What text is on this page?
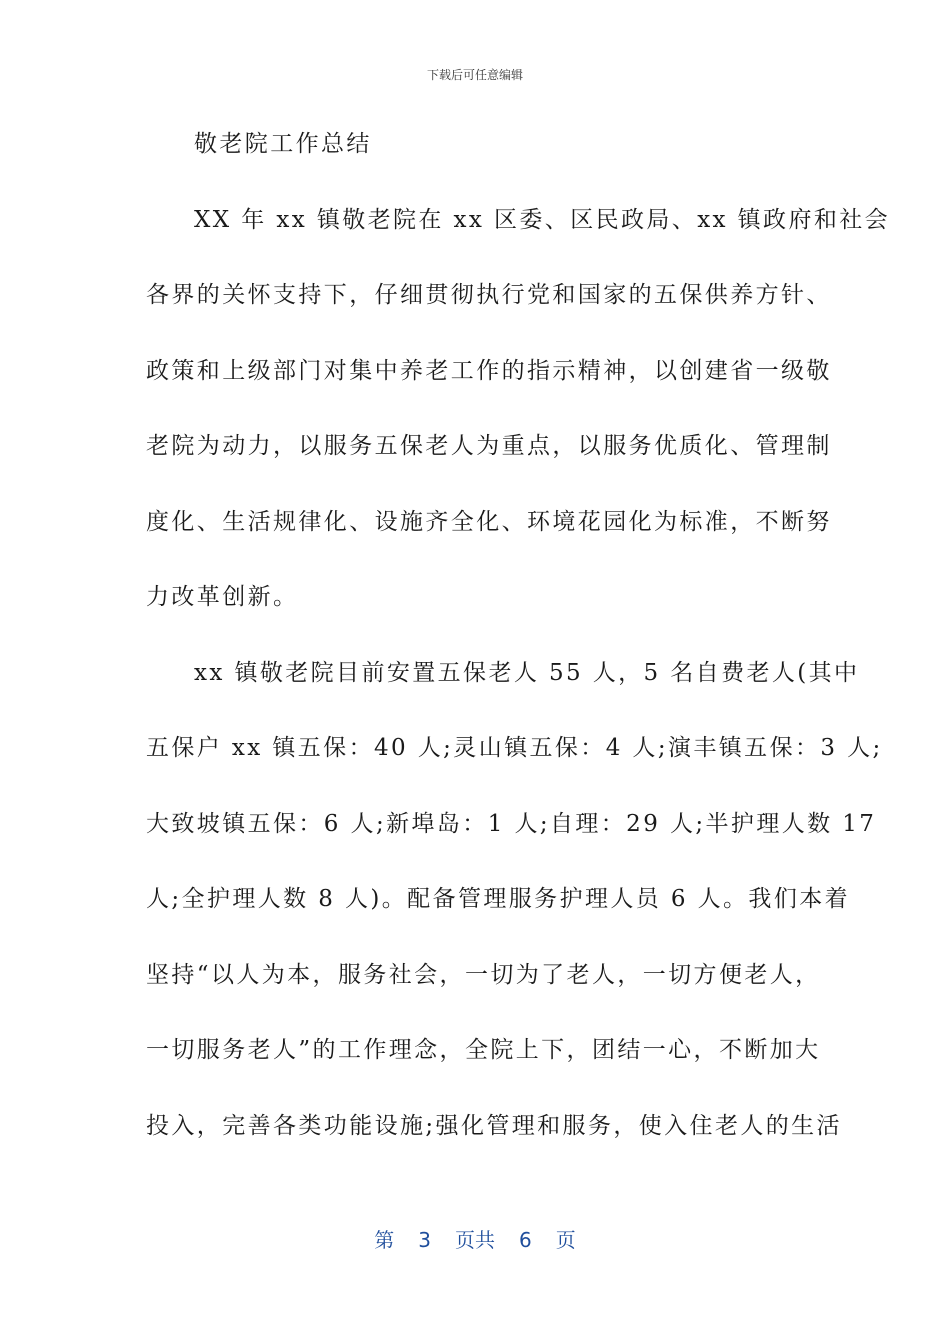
下载后可任意编辑
敬老院工作总结
XX 年 xx 镇敬老院在 xx 区委、区民政局、xx 镇政府和社会
各界的关怀支持下，仔细贯彻执行党和国家的五保供养方针、
政策和上级部门对集中养老工作的指示精神，以创建省一级敬
老院为动力，以服务五保老人为重点，以服务优质化、管理制
度化、生活规律化、设施齐全化、环境花园化为标准，不断努
力改革创新。
xx 镇敬老院目前安置五保老人 55 人，5 名自费老人(其中
五保户 xx 镇五保：40 人;灵山镇五保：4 人;演丰镇五保：3 人;
大致坡镇五保：6 人;新埠岛：1 人;自理：29 人;半护理人数 17
人;全护理人数 8 人)。配备管理服务护理人员 6 人。我们本着
坚持“以人为本，服务社会，一切为了老人，一切方便老人，
一切服务老人”的工作理念，全院上下，团结一心，不断加大
投入，完善各类功能设施;强化管理和服务，使入住老人的生活
第 3 页共 6 页
